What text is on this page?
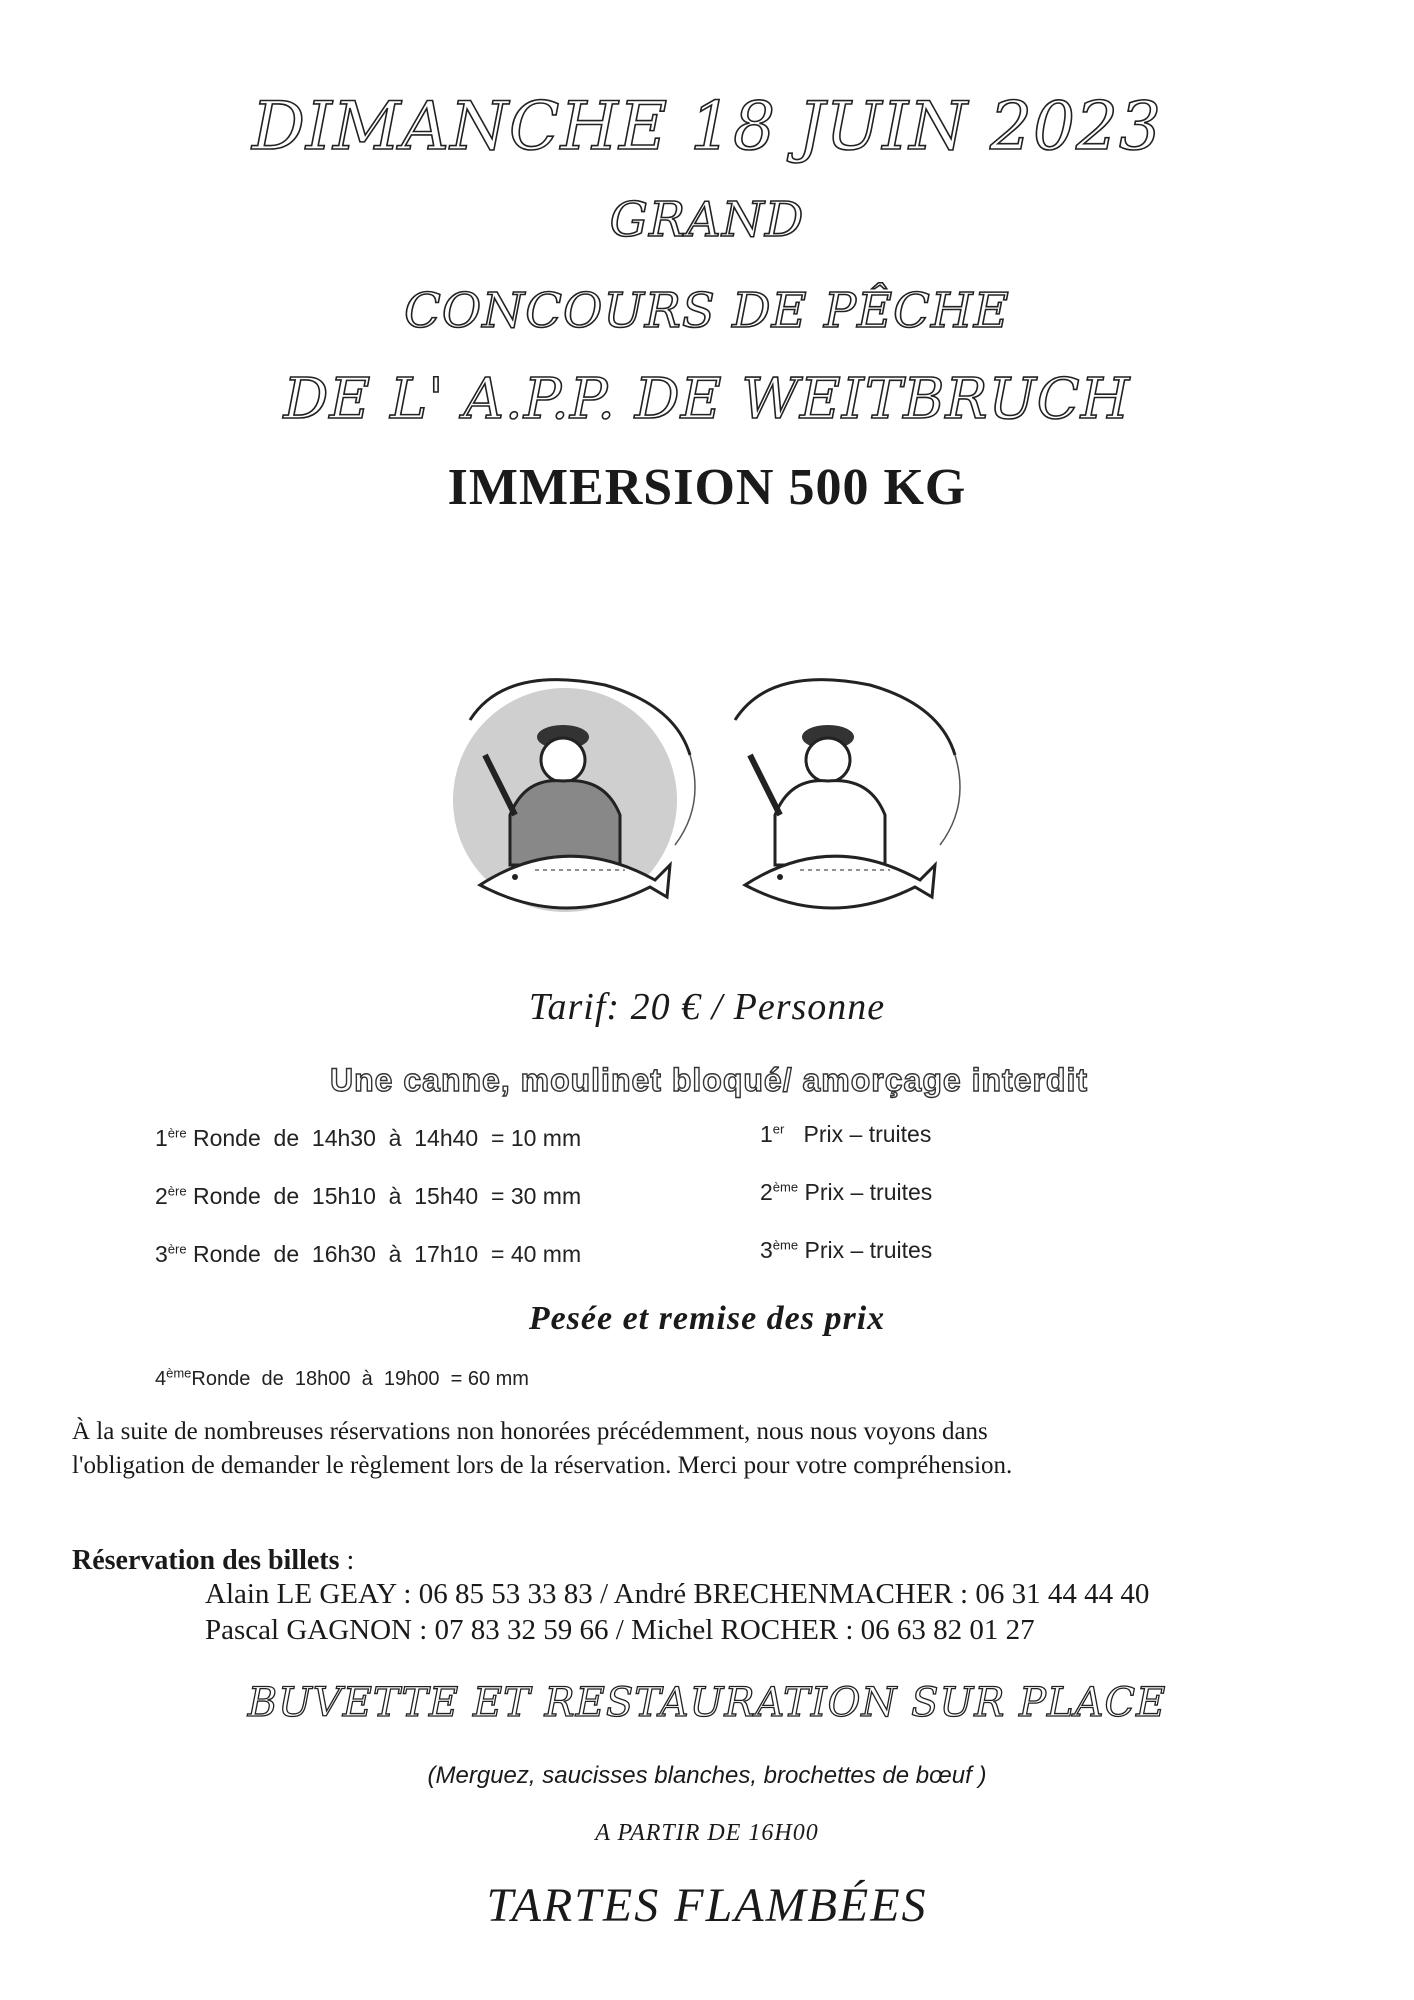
DIMANCHE 18 JUIN 2023
GRAND
CONCOURS DE PÊCHE
DE L' A.P.P. DE WEITBRUCH
IMMERSION 500 KG
Tarif: 20 € / Personne
Une canne, moulinet bloqué/ amorçage interdit
1ère Ronde de 14h30 à 14h40 = 10 mm
2ère Ronde de 15h10 à 15h40 = 30 mm
3ère Ronde de 16h30 à 17h10 = 40 mm
1er Prix – truites
2ème Prix – truites
3ème Prix – truites
Pesée et remise des prix
4èmeRonde de 18h00 à 19h00 = 60 mm
À la suite de nombreuses réservations non honorées précédemment, nous nous voyons dans
l'obligation de demander le règlement lors de la réservation. Merci pour votre compréhension.
Réservation des billets :
Alain LE GEAY : 06 85 53 33 83 / André BRECHENMACHER : 06 31 44 44 40
Pascal GAGNON : 07 83 32 59 66 / Michel ROCHER : 06 63 82 01 27
BUVETTE ET RESTAURATION SUR PLACE
(Merguez, saucisses blanches, brochettes de bœuf )
A PARTIR DE 16H00
TARTES FLAMBÉES
